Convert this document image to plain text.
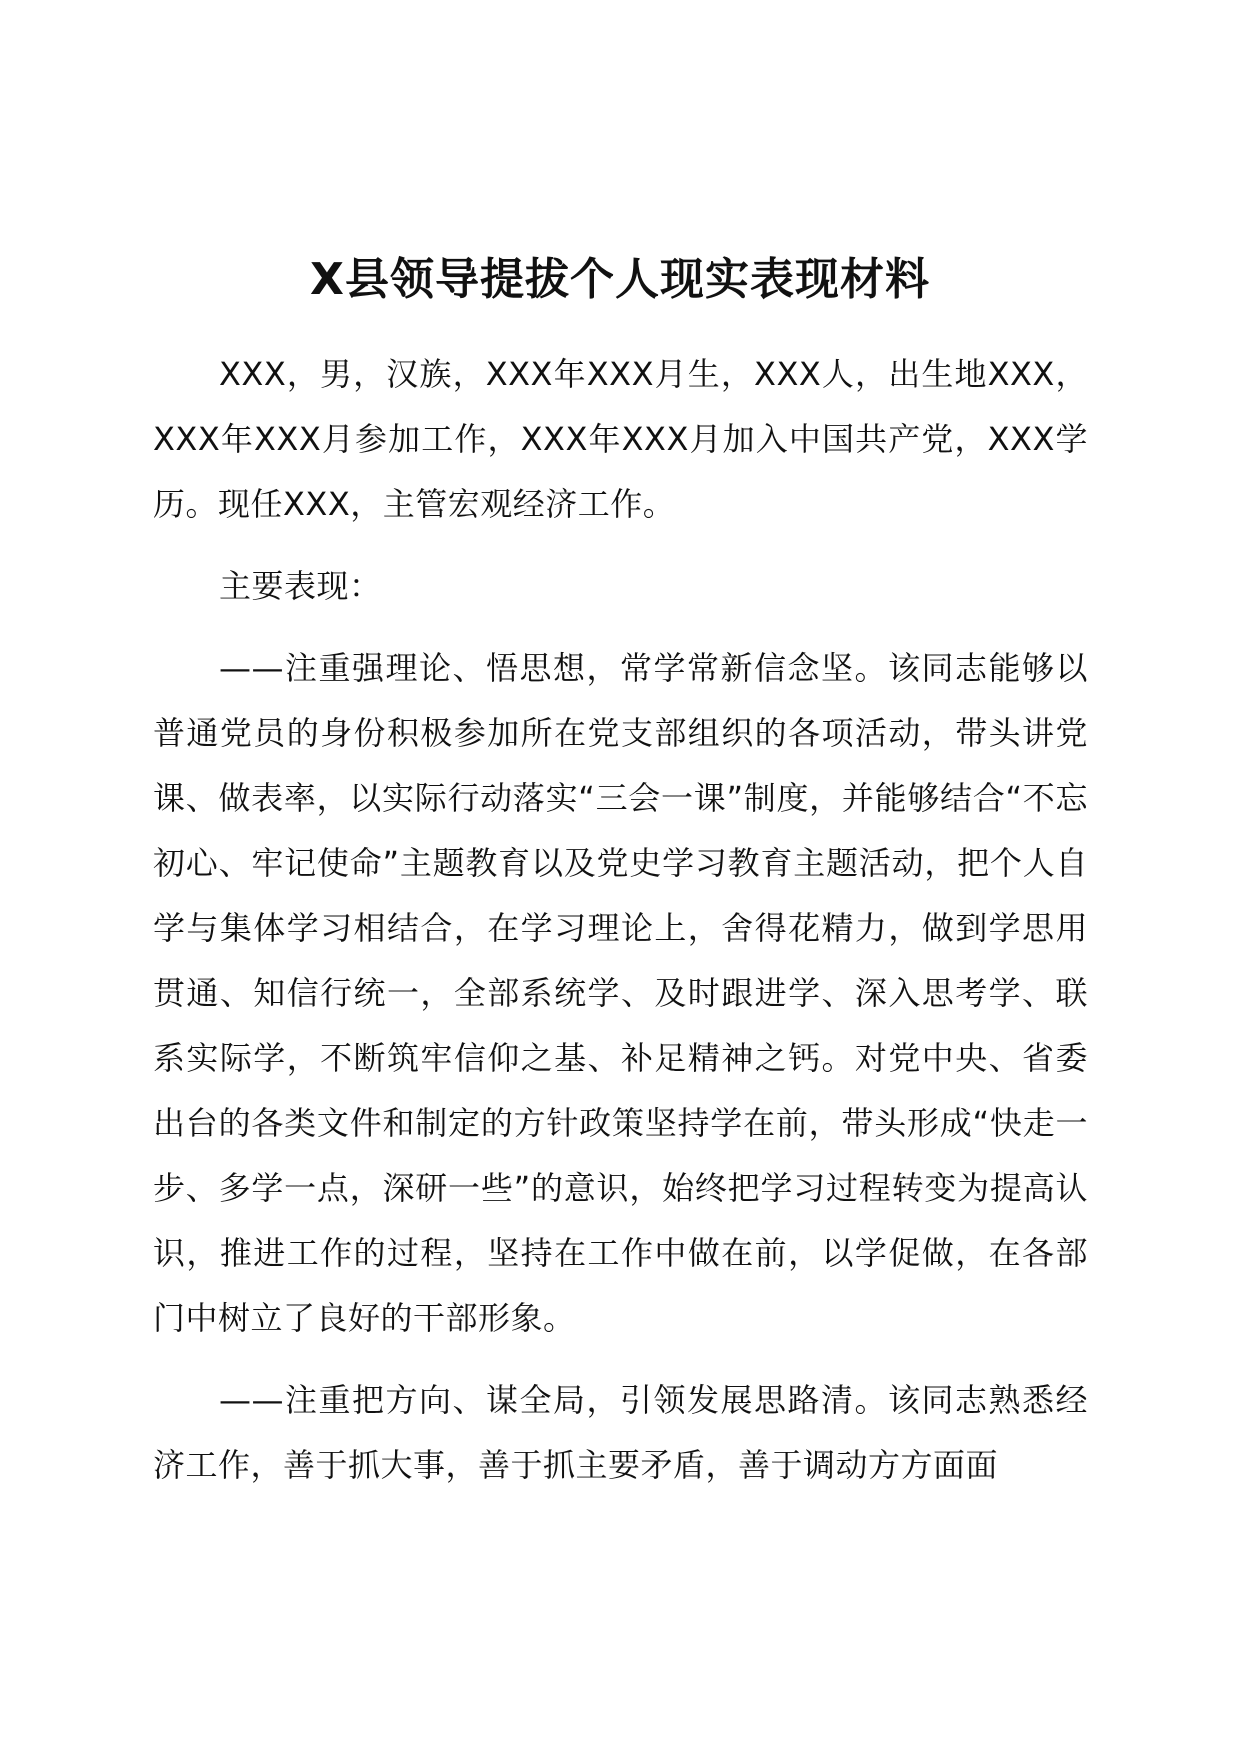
X县领导提拔个人现实表现材料

XXX，男，汉族，XXX年XXX月生，XXX人，出生地XXX，XXX年XXX月参加工作，XXX年XXX月加入中国共产党，XXX学历。现任XXX，主管宏观经济工作。

主要表现：

——注重强理论、悟思想，常学常新信念坚。该同志能够以普通党员的身份积极参加所在党支部组织的各项活动，带头讲党课、做表率，以实际行动落实“三会一课”制度，并能够结合“不忘初心、牢记使命”主题教育以及党史学习教育主题活动，把个人自学与集体学习相结合，在学习理论上，舍得花精力，做到学思用贯通、知信行统一，全部系统学、及时跟进学、深入思考学、联系实际学，不断筑牢信仰之基、补足精神之钙。对党中央、省委出台的各类文件和制定的方针政策坚持学在前，带头形成“快走一步、多学一点，深研一些”的意识，始终把学习过程转变为提高认识，推进工作的过程，坚持在工作中做在前，以学促做，在各部门中树立了良好的干部形象。

——注重把方向、谋全局，引领发展思路清。该同志熟悉经济工作，善于抓大事，善于抓主要矛盾，善于调动方方面面
